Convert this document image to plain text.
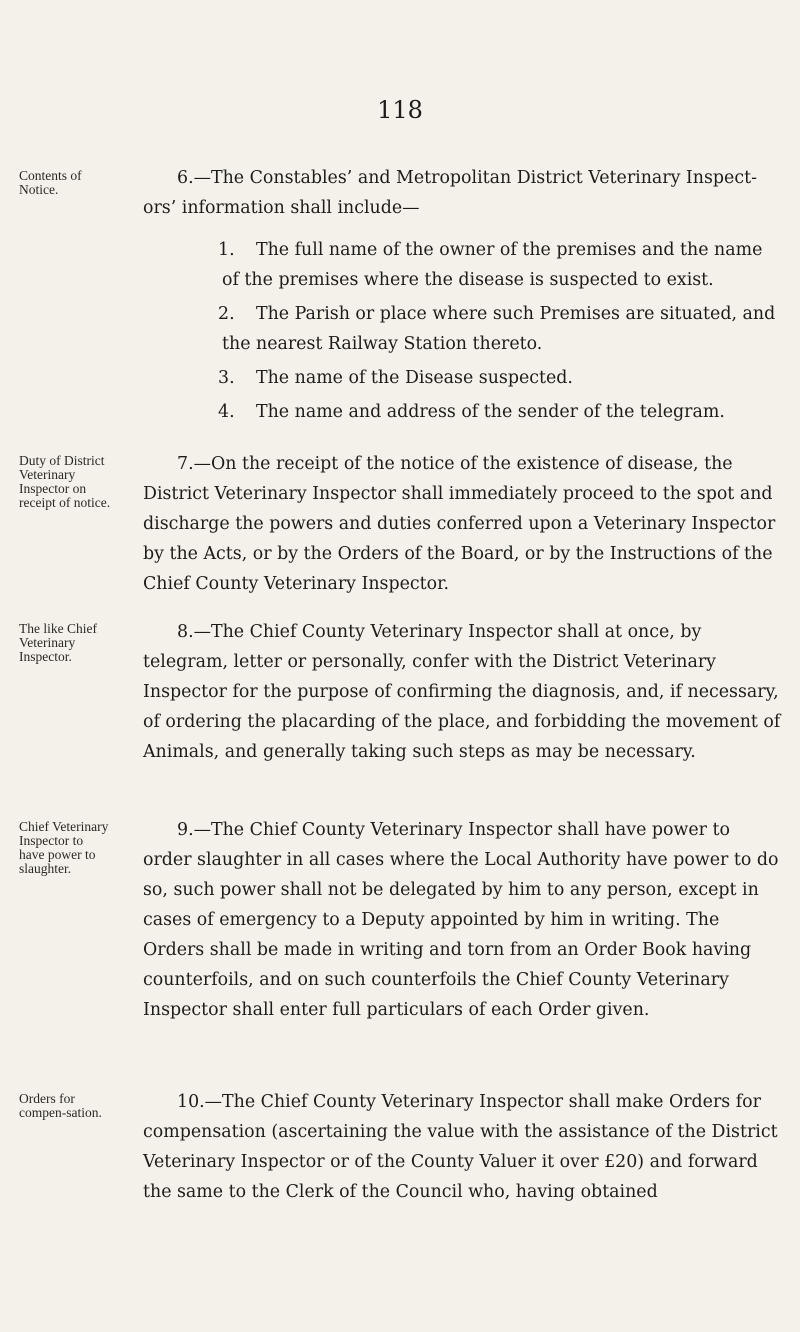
118

Contents of Notice.

6.—The Constables’ and Metropolitan District Veterinary Inspect-ors’ information shall include—

1. The full name of the owner of the premises and the name of the premises where the disease is suspected to exist.
2. The Parish or place where such Premises are situated, and the nearest Railway Station thereto.
3. The name of the Disease suspected.
4. The name and address of the sender of the telegram.

Duty of District Veterinary Inspector on receipt of notice.

7.—On the receipt of the notice of the existence of disease, the District Veterinary Inspector shall immediately proceed to the spot and discharge the powers and duties conferred upon a Veterinary Inspector by the Acts, or by the Orders of the Board, or by the Instructions of the Chief County Veterinary Inspector.

The like Chief Veterinary Inspector.

8.—The Chief County Veterinary Inspector shall at once, by telegram, letter or personally, confer with the District Veterinary Inspector for the purpose of confirming the diagnosis, and, if necessary, of ordering the placarding of the place, and forbidding the movement of Animals, and generally taking such steps as may be necessary.

Chief Veterinary Inspector to have power to slaughter.

9.—The Chief County Veterinary Inspector shall have power to order slaughter in all cases where the Local Authority have power to do so, such power shall not be delegated by him to any person, except in cases of emergency to a Deputy appointed by him in writing. The Orders shall be made in writing and torn from an Order Book having counterfoils, and on such counterfoils the Chief County Veterinary Inspector shall enter full particulars of each Order given.

Orders for compen-sation.

10.—The Chief County Veterinary Inspector shall make Orders for compensation (ascertaining the value with the assistance of the District Veterinary Inspector or of the County Valuer it over £20) and forward the same to the Clerk of the Council who, having obtained
